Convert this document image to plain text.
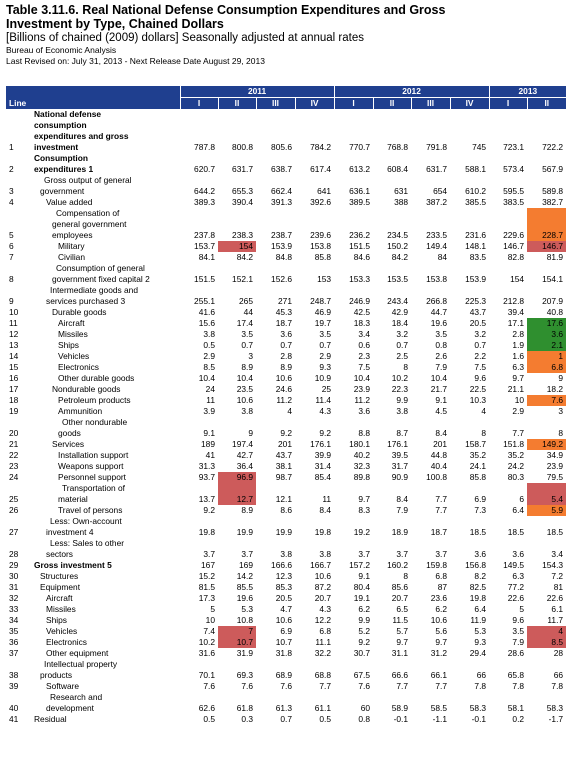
Table 3.11.6. Real National Defense Consumption Expenditures and Gross Investment by Type, Chained Dollars
[Billions of chained (2009) dollars] Seasonally adjusted at annual rates
Bureau of Economic Analysis
Last Revised on: July 31, 2013 - Next Release Date August 29, 2013
Line		2011				2012				2013	
		I	II	III	IV	I	II	III	IV	I	II
1	National defense
consumption
expenditures and gross
investment	787.8	800.8	805.6	784.2	770.7	768.8	791.8	745	723.1	722.2
2	Consumption
expenditures 1	620.7	631.7	638.7	617.4	613.2	608.4	631.7	588.1	573.4	567.9
3	Gross output of general
government	644.2	655.3	662.4	641	636.1	631	654	610.2	595.5	589.8
4	Value added	389.3	390.4	391.3	392.6	389.5	388	387.2	385.5	383.5	382.7
5	Compensation of
general government
employees	237.8	238.3	238.7	239.6	236.2	234.5	233.5	231.6	229.6	228.7
6	Military	153.7	154	153.9	153.8	151.5	150.2	149.4	148.1	146.7	146.7
7	Civilian	84.1	84.2	84.8	85.8	84.6	84.2	84	83.5	82.8	81.9
8	Consumption of general
government fixed capital 2	151.5	152.1	152.6	153	153.3	153.5	153.8	153.9	154	154.1
9	Intermediate goods and
services purchased 3	255.1	265	271	248.7	246.9	243.4	266.8	225.3	212.8	207.9
10	Durable goods	41.6	44	45.3	46.9	42.5	42.9	44.7	43.7	39.4	40.8
11	Aircraft	15.6	17.4	18.7	19.7	18.3	18.4	19.6	20.5	17.1	17.6
12	Missiles	3.8	3.5	3.6	3.5	3.4	3.2	3.5	3.2	2.8	3.6
13	Ships	0.5	0.7	0.7	0.7	0.6	0.7	0.8	0.7	1.9	2.1
14	Vehicles	2.9	3	2.8	2.9	2.3	2.5	2.6	2.2	1.6	1
15	Electronics	8.5	8.9	8.9	9.3	7.5	8	7.9	7.5	6.3	6.8
16	Other durable goods	10.4	10.4	10.6	10.9	10.4	10.2	10.4	9.6	9.7	9
17	Nondurable goods	24	23.5	24.6	25	23.9	22.3	21.7	22.5	21.1	18.2
18	Petroleum products	11	10.6	11.2	11.4	11.2	9.9	9.1	10.3	10	7.6
19	Ammunition	3.9	3.8	4	4.3	3.6	3.8	4.5	4	2.9	3
20	Other nondurable
goods	9.1	9	9.2	9.2	8.8	8.7	8.4	8	7.7	8
21	Services	189	197.4	201	176.1	180.1	176.1	201	158.7	151.8	149.2
22	Installation support	41	42.7	43.7	39.9	40.2	39.5	44.8	35.2	35.2	34.9
23	Weapons support	31.3	36.4	38.1	31.4	32.3	31.7	40.4	24.1	24.2	23.9
24	Personnel support	93.7	96.9	98.7	85.4	89.8	90.9	100.8	85.8	80.3	79.5
25	Transportation of
material	13.7	12.7	12.1	11	9.7	8.4	7.7	6.9	6	5.4
26	Travel of persons	9.2	8.9	8.6	8.4	8.3	7.9	7.7	7.3	6.4	5.9
27	Less: Own-account
investment 4	19.8	19.9	19.9	19.8	19.2	18.9	18.7	18.5	18.5	18.5
28	Less: Sales to other
sectors	3.7	3.7	3.8	3.8	3.7	3.7	3.7	3.6	3.6	3.4
29	Gross investment 5	167	169	166.6	166.7	157.2	160.2	159.8	156.8	149.5	154.3
30	Structures	15.2	14.2	12.3	10.6	9.1	8	6.8	8.2	6.3	7.2
31	Equipment	81.5	85.5	85.3	87.2	80.4	85.6	87	82.5	77.2	81
32	Aircraft	17.3	19.6	20.5	20.7	19.1	20.7	23.6	19.8	22.6	22.6
33	Missiles	5	5.3	4.7	4.3	6.2	6.5	6.2	6.4	5	6.1
34	Ships	10	10.8	10.6	12.2	9.9	11.5	10.6	11.9	9.6	11.7
35	Vehicles	7.4	7	6.9	6.8	5.2	5.7	5.6	5.3	3.5	4
36	Electronics	10.2	10.7	10.7	11.1	9.2	9.7	9.7	9.3	7.9	8.5
37	Other equipment	31.6	31.9	31.8	32.2	30.7	31.1	31.2	29.4	28.6	28
38	Intellectual property
products	70.1	69.3	68.9	68.8	67.5	66.6	66.1	66	65.8	66
39	Software	7.6	7.6	7.6	7.7	7.6	7.7	7.7	7.8	7.8	7.8
40	Research and
development	62.6	61.8	61.3	61.1	60	58.9	58.5	58.3	58.1	58.3
41	Residual	0.5	0.3	0.7	0.5	0.8	-0.1	-1.1	-0.1	0.2	-1.7
